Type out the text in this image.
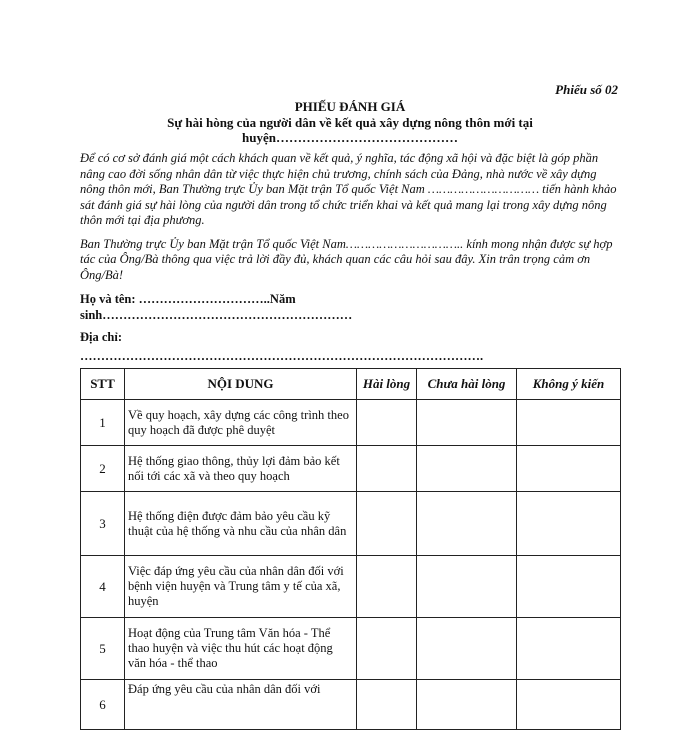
Phiếu số 02
PHIẾU ĐÁNH GIÁ
Sự hài hòng của người dân về kết quả xây dựng nông thôn mới tại huyện……………………………………
Để có cơ sở đánh giá một cách khách quan về kết quả, ý nghĩa, tác động xã hội và đặc biệt là góp phần nâng cao đời sống nhân dân từ việc thực hiện chủ trương, chính sách của Đảng, nhà nước về xây dựng nông thôn mới, Ban Thường trực Ủy ban Mặt trận Tổ quốc Việt Nam ………………………… tiến hành khảo sát đánh giá sự hài lòng của người dân trong tổ chức triển khai và kết quả mang lại trong xây dựng nông thôn mới tại địa phương.
Ban Thường trực Ủy ban Mặt trận Tổ quốc Việt Nam………………………….. kính mong nhận được sự hợp tác của Ông/Bà thông qua việc trả lời đầy đủ, khách quan các câu hỏi sau đây. Xin trân trọng cảm ơn Ông/Bà!
Họ và tên: …………………………..Năm
sinh……………………………………………………
Địa chỉ:
…………………………………………………………………………………….
STT	NỘI DUNG	Hài lòng	Chưa hài lòng	Không ý kiến
1	Về quy hoạch, xây dựng các công trình theo quy hoạch đã được phê duyệt			
2	Hệ thống giao thông, thủy lợi đảm bảo kết nối tới các xã và theo quy hoạch			
3	Hệ thống điện được đảm bảo yêu cầu kỹ thuật của hệ thống và nhu cầu của nhân dân			
4	Việc đáp ứng yêu cầu của nhân dân đối với bệnh viện huyện và Trung tâm y tế của xã, huyện			
5	Hoạt động của Trung tâm Văn hóa - Thể thao huyện và việc thu hút các hoạt động văn hóa - thể thao			
6	Đáp ứng yêu cầu của nhân dân đối với			
